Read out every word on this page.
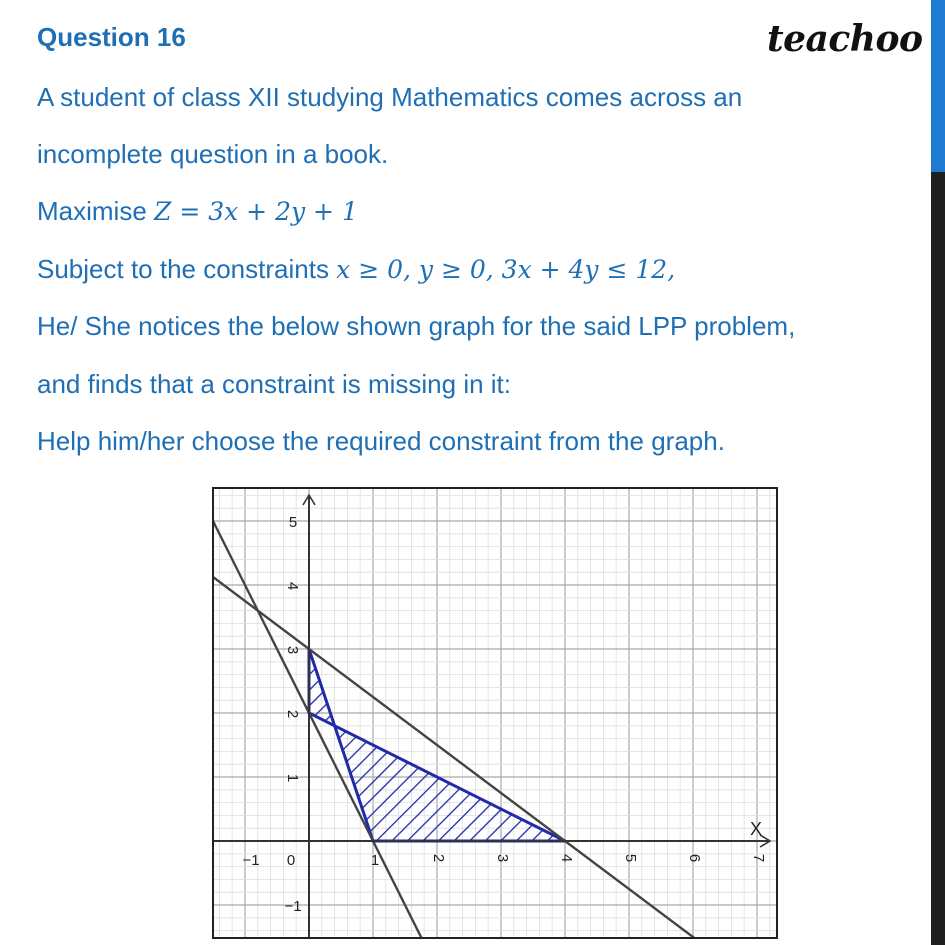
Question 16	teachoo
A student of class XII studying Mathematics comes across an
incomplete question in a book.
Maximise Z = 3x + 2y + 1
Subject to the constraints x ≥ 0, y ≥ 0, 3x + 4y ≤ 12,
He/ She notices the below shown graph for the said LPP problem,
and finds that a constraint is missing in it:
Help him/her choose the required constraint from the graph.
−1 0	1	2	3	4	5	6	7
5
4
3
2
1
−1
X
